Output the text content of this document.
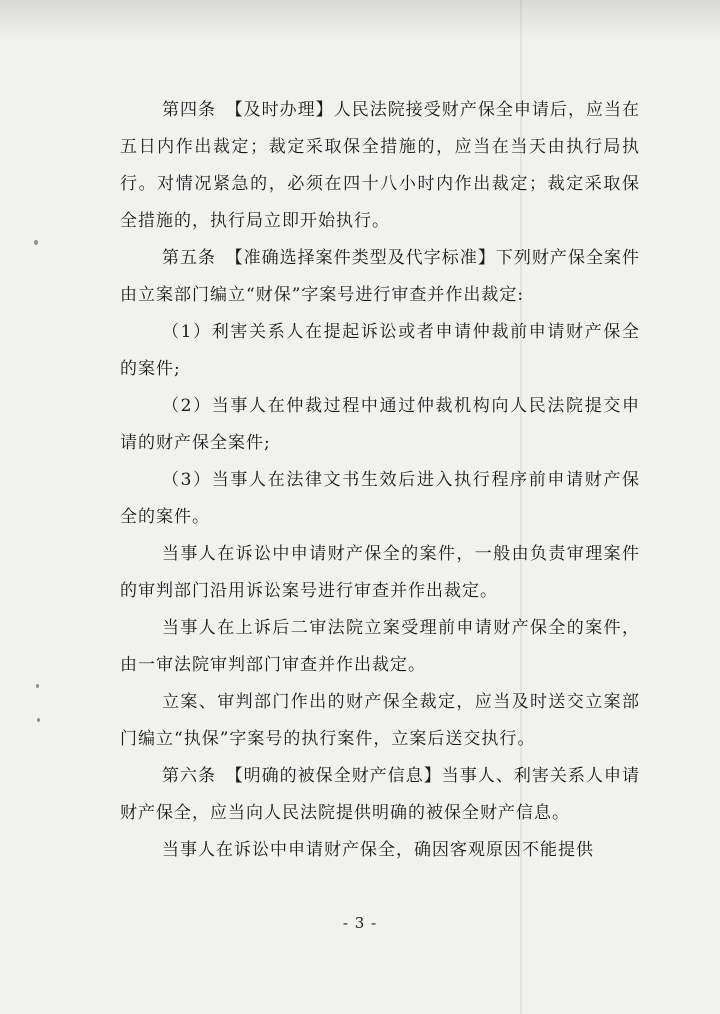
第四条　【及时办理】人民法院接受财产保全申请后，应当在五日内作出裁定；裁定采取保全措施的，应当在当天由执行局执行。对情况紧急的，必须在四十八小时内作出裁定；裁定采取保全措施的，执行局立即开始执行。

第五条　【准确选择案件类型及代字标准】下列财产保全案件由立案部门编立“财保”字案号进行审查并作出裁定:

（1）利害关系人在提起诉讼或者申请仲裁前申请财产保全的案件;

（2）当事人在仲裁过程中通过仲裁机构向人民法院提交申请的财产保全案件;

（3）当事人在法律文书生效后进入执行程序前申请财产保全的案件。

当事人在诉讼中申请财产保全的案件，一般由负责审理案件的审判部门沿用诉讼案号进行审查并作出裁定。

当事人在上诉后二审法院立案受理前申请财产保全的案件，由一审法院审判部门审查并作出裁定。

立案、审判部门作出的财产保全裁定，应当及时送交立案部门编立“执保”字案号的执行案件，立案后送交执行。

第六条　【明确的被保全财产信息】当事人、利害关系人申请财产保全，应当向人民法院提供明确的被保全财产信息。

当事人在诉讼中申请财产保全，确因客观原因不能提供

- 3 -
